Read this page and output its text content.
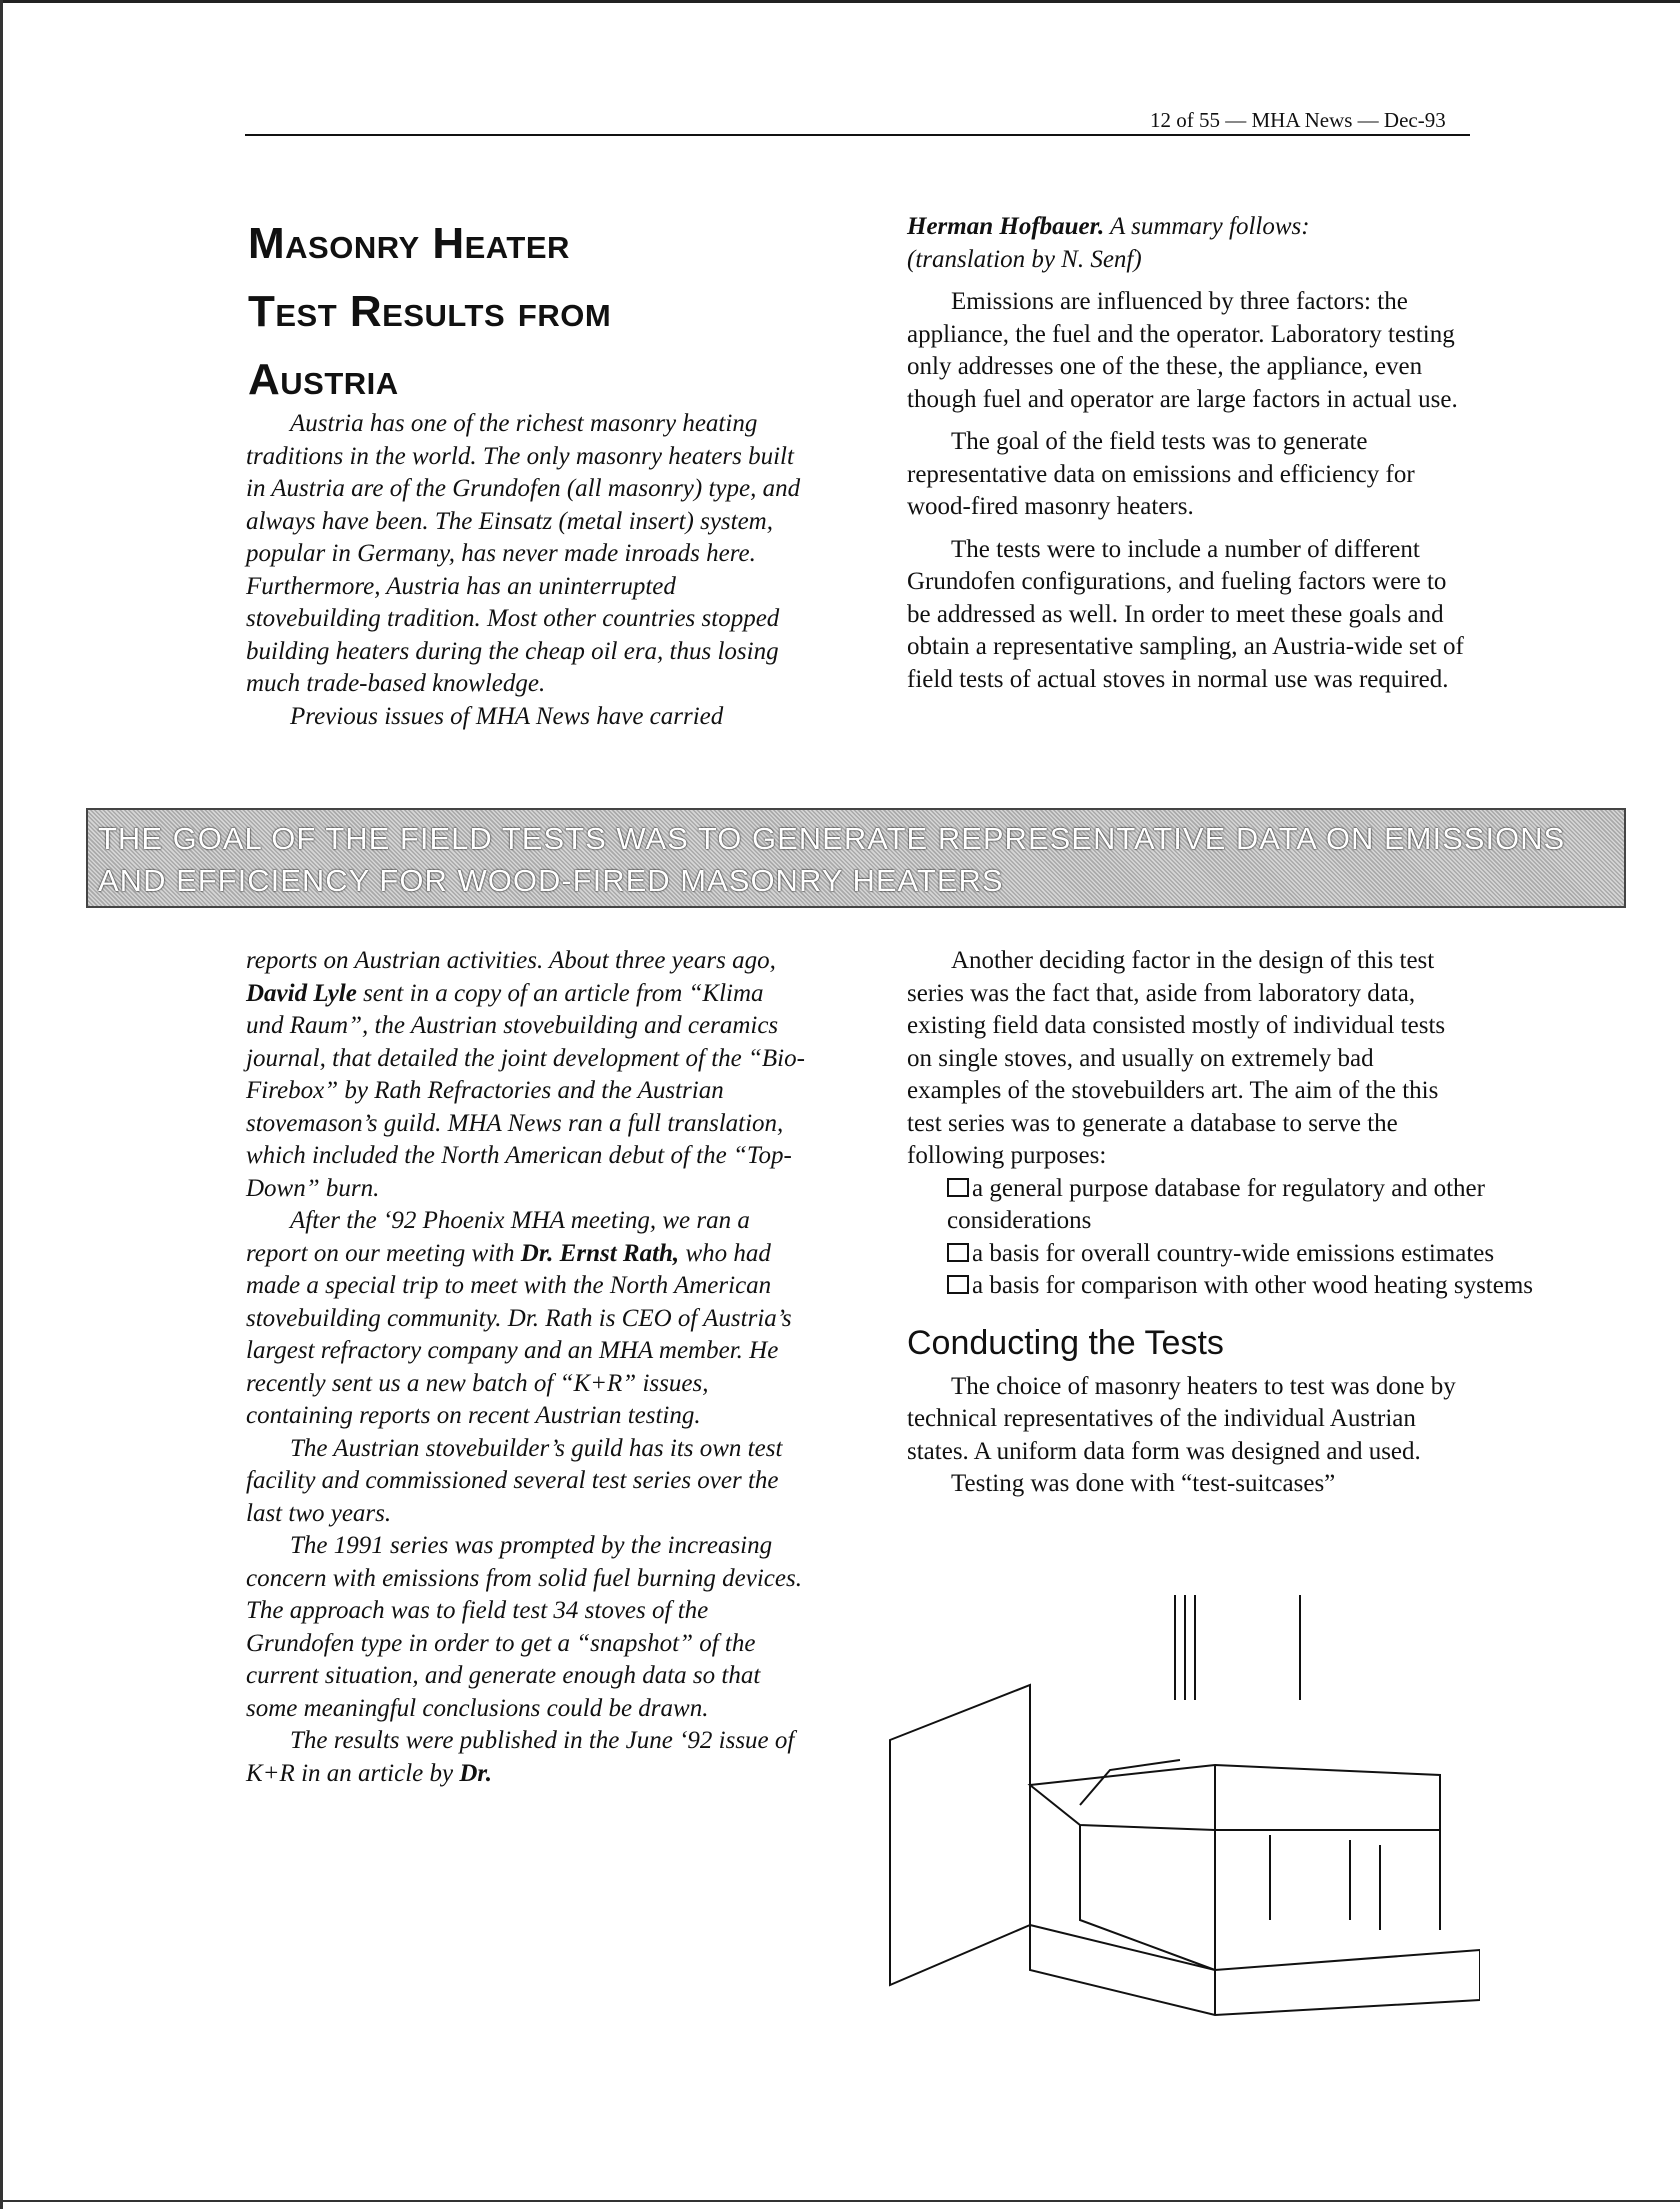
12 of 55 — MHA News — Dec-93
Masonry Heater
Test Results from
Austria

Austria has one of the richest masonry heating traditions in the world. The only masonry heaters built in Austria are of the Grundofen (all masonry) type, and always have been. The Einsatz (metal insert) system, popular in Germany, has never made inroads here. Furthermore, Austria has an uninterrupted stovebuilding tradition. Most other countries stopped building heaters during the cheap oil era, thus losing much trade-based knowledge.

Previous issues of MHA News have carried

Herman Hofbauer. A summary follows:

(translation by N. Senf)

Emissions are influenced by three factors: the appliance, the fuel and the operator. Laboratory testing only addresses one of the these, the appliance, even though fuel and operator are large factors in actual use.

The goal of the field tests was to generate representative data on emissions and efficiency for wood-fired masonry heaters.

The tests were to include a number of different Grundofen configurations, and fueling factors were to be addressed as well. In order to meet these goals and obtain a representative sampling, an Austria-wide set of field tests of actual stoves in normal use was required.

THE GOAL OF THE FIELD TESTS WAS TO GENERATE REPRESENTATIVE DATA ON EMISSIONS AND EFFICIENCY FOR WOOD-FIRED MASONRY HEATERS

reports on Austrian activities. About three years ago, David Lyle sent in a copy of an article from “Klima und Raum”, the Austrian stovebuilding and ceramics journal, that detailed the joint development of the “Bio-Firebox” by Rath Refractories and the Austrian stovemason’s guild. MHA News ran a full translation, which included the North American debut of the “Top-Down” burn.

After the ‘92 Phoenix MHA meeting, we ran a report on our meeting with Dr. Ernst Rath, who had made a special trip to meet with the North American stovebuilding community. Dr. Rath is CEO of Austria’s largest refractory company and an MHA member. He recently sent us a new batch of “K+R” issues, containing reports on recent Austrian testing.

The Austrian stovebuilder’s guild has its own test facility and commissioned several test series over the last two years.

The 1991 series was prompted by the increasing concern with emissions from solid fuel burning devices. The approach was to field test 34 stoves of the Grundofen type in order to get a “snapshot” of the current situation, and generate enough data so that some meaningful conclusions could be drawn.

The results were published in the June ‘92 issue of K+R in an article by Dr.

Another deciding factor in the design of this test series was the fact that, aside from laboratory data, existing field data consisted mostly of individual tests on single stoves, and usually on extremely bad examples of the stovebuilders art. The aim of the this test series was to generate a database to serve the following purposes:

a general purpose database for regulatory and other considerations

a basis for overall country-wide emissions estimates

a basis for comparison with other wood heating systems

Conducting the Tests

The choice of masonry heaters to test was done by technical representatives of the individual Austrian states. A uniform data form was designed and used.

Testing was done with “test-suitcases”
